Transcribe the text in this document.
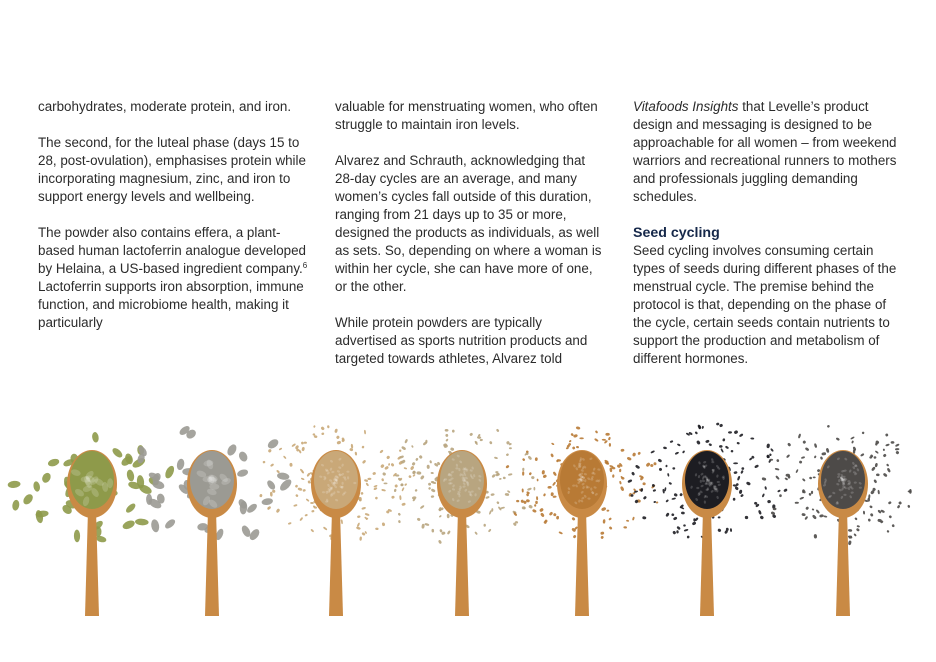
carbohydrates, moderate protein, and iron.

The second, for the luteal phase (days 15 to 28, post-ovulation), emphasises protein while incorporating magnesium, zinc, and iron to support energy levels and wellbeing.

The powder also contains effera, a plant-based human lactoferrin analogue developed by Helaina, a US-based ingredient company.$^6$ Lactoferrin supports iron absorption, immune function, and microbiome health, making it particularly

valuable for menstruating women, who often struggle to maintain iron levels.

Alvarez and Schrauth, acknowledging that 28-day cycles are an average, and many women’s cycles fall outside of this duration, ranging from 21 days up to 35 or more, designed the products as individuals, as well as sets. So, depending on where a woman is within her cycle, she can have more of one, or the other.

While protein powders are typically advertised as sports nutrition products and targeted towards athletes, Alvarez told

Vitafoods Insights that Levelle’s product design and messaging is designed to be approachable for all women – from weekend warriors and recreational runners to mothers and professionals juggling demanding schedules.

Seed cycling

Seed cycling involves consuming certain types of seeds during different phases of the menstrual cycle. The premise behind the protocol is that, depending on the phase of the cycle, certain seeds contain nutrients to support the production and metabolism of different hormones.
